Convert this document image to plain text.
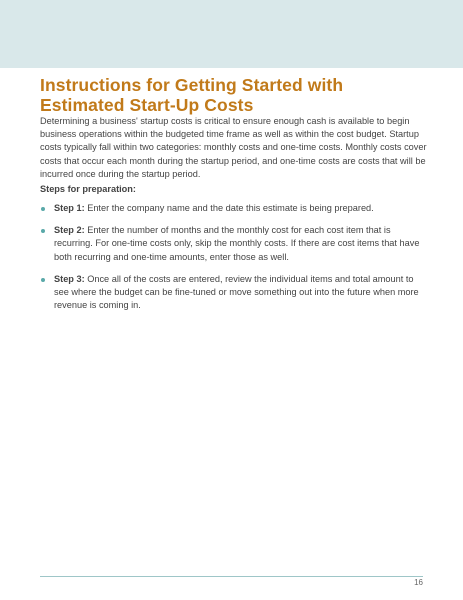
Instructions for Getting Started with Estimated Start-Up Costs

Determining a business' startup costs is critical to ensure enough cash is available to begin business operations within the budgeted time frame as well as within the cost budget. Startup costs typically fall within two categories: monthly costs and one-time costs. Monthly costs cover costs that occur each month during the startup period, and one-time costs are costs that will be incurred once during the startup period.

Steps for preparation:

Step 1: Enter the company name and the date this estimate is being prepared.
Step 2: Enter the number of months and the monthly cost for each cost item that is recurring. For one-time costs only, skip the monthly costs. If there are cost items that have both recurring and one-time amounts, enter those as well.
Step 3: Once all of the costs are entered, review the individual items and total amount to see where the budget can be fine-tuned or move something out into the future when more revenue is coming in.
16
